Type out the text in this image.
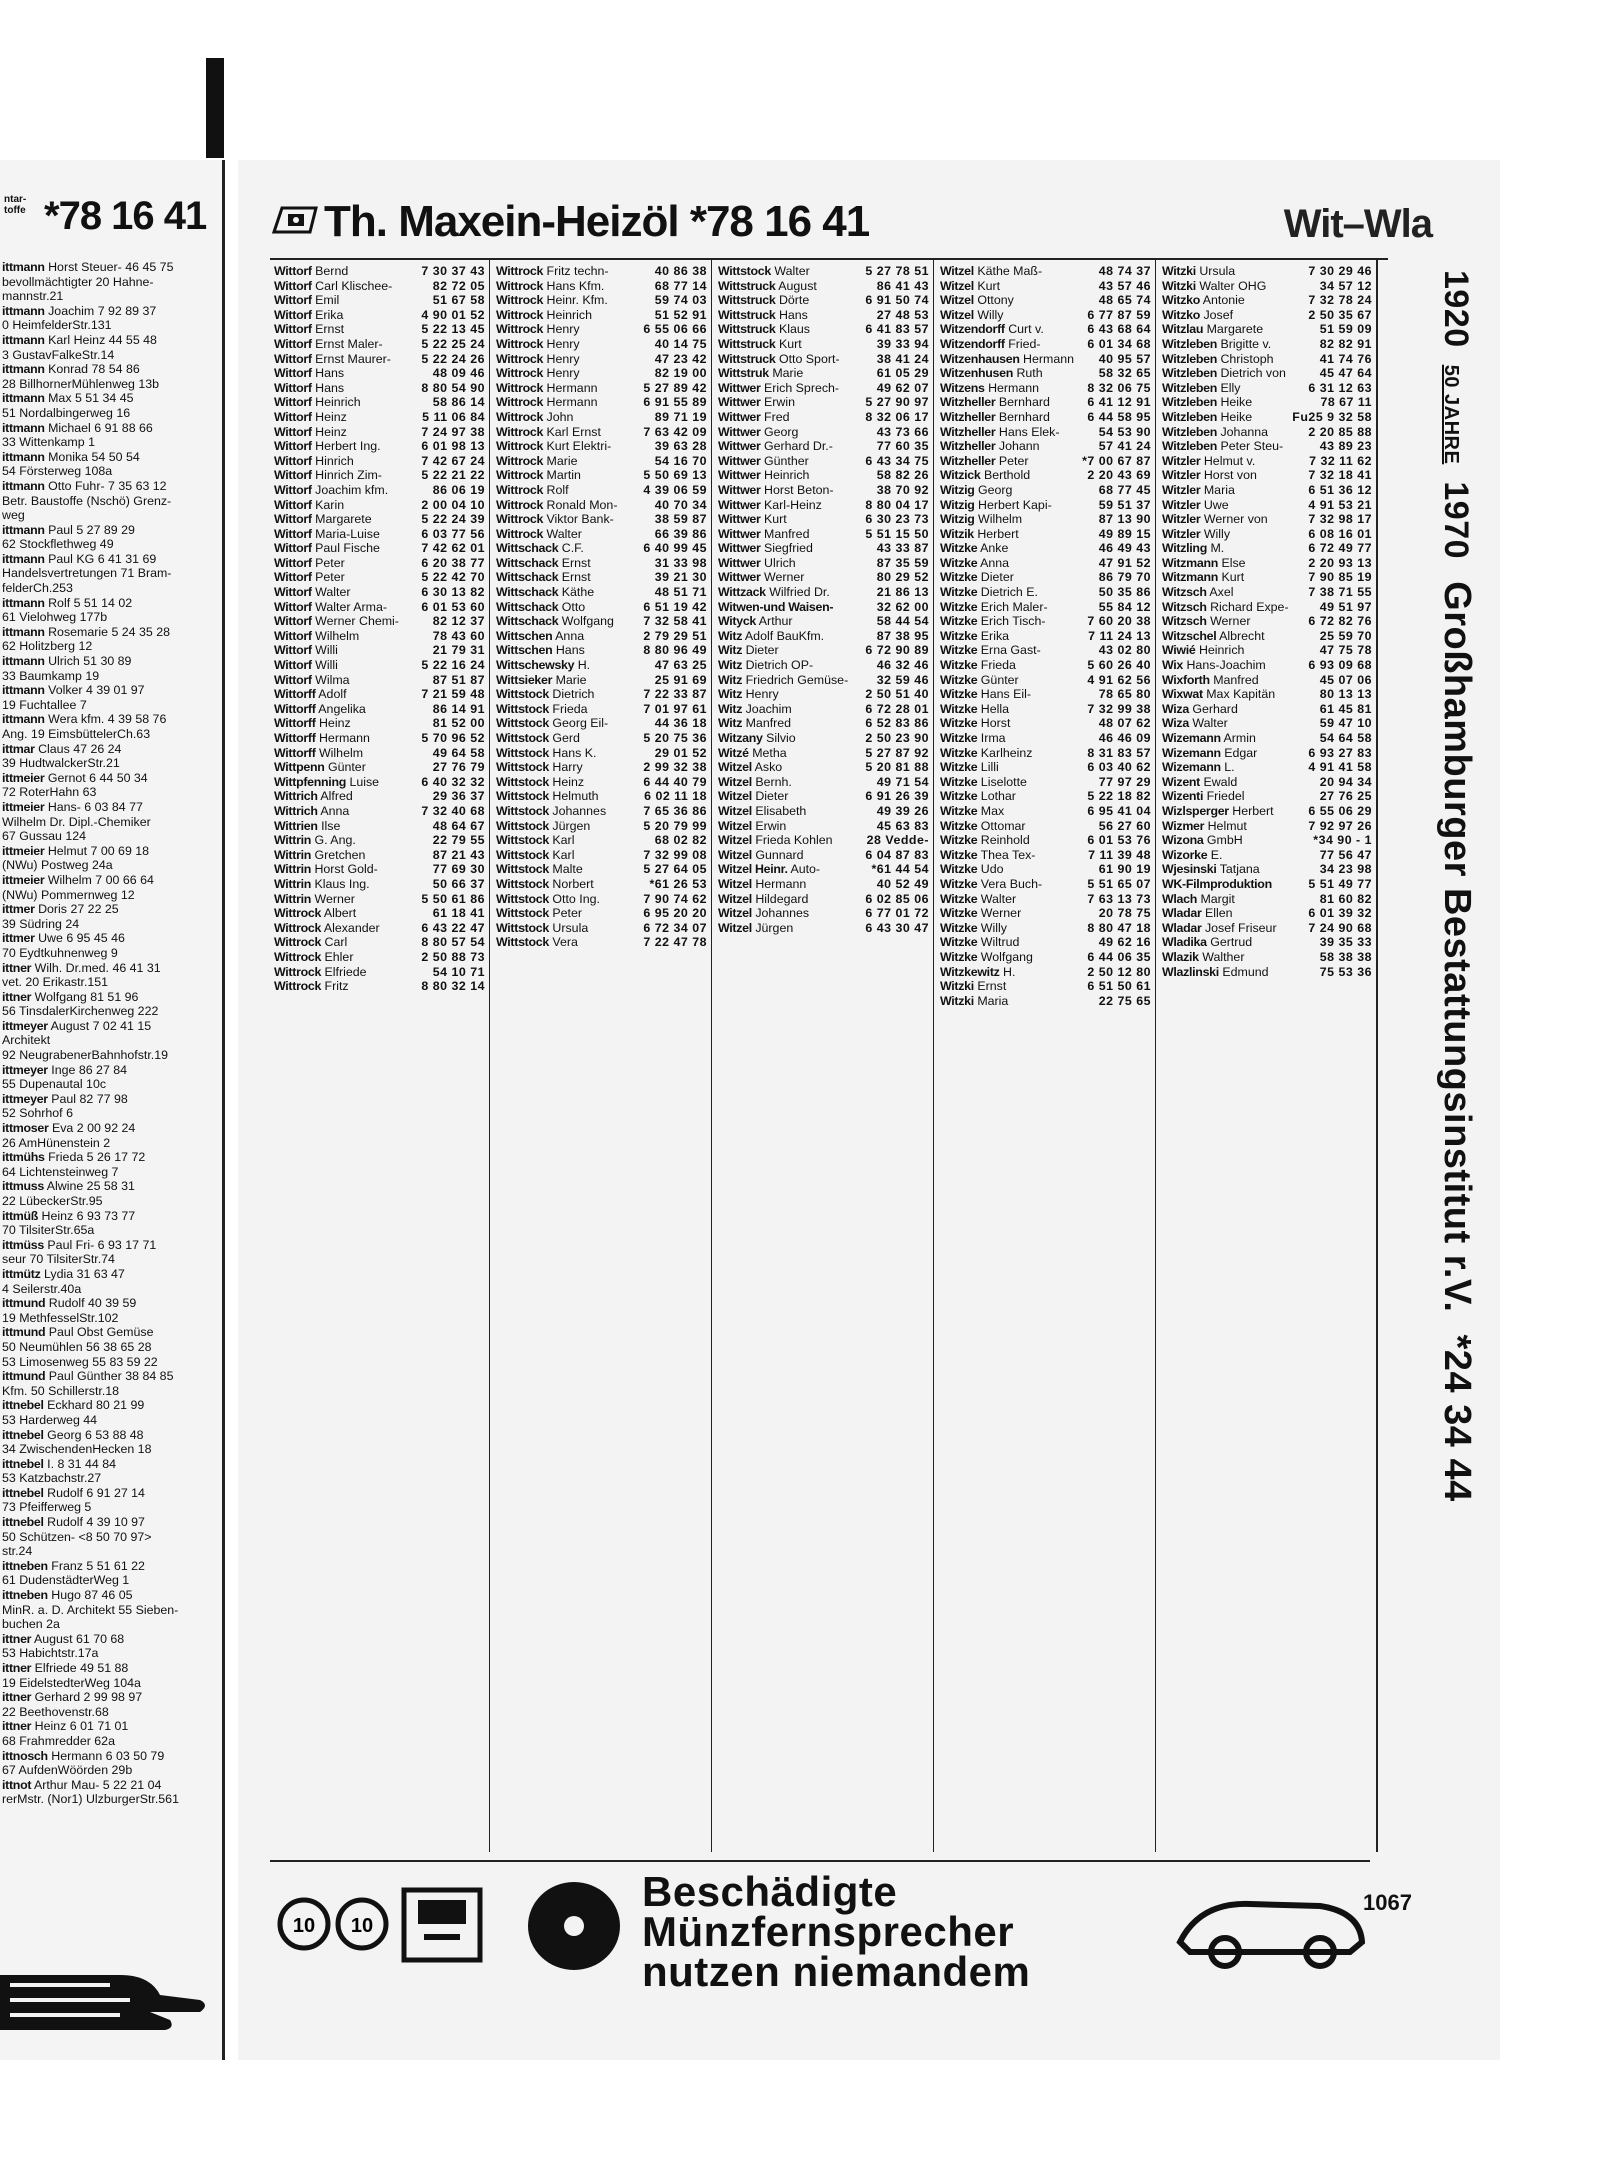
ntar-
toffe *78 16 41
ittmann Horst Steuer- 46 45 75
bevollmächtigter 20 Hahne-
mannstr.21
ittmann Joachim 7 92 89 37
0 HeimfelderStr.131
ittmann Karl Heinz 44 55 48
3 GustavFalkeStr.14
ittmann Konrad 78 54 86
28 BillhornerMühlenweg 13b
ittmann Max 5 51 34 45
51 Nordalbingerweg 16
ittmann Michael 6 91 88 66
33 Wittenkamp 1
ittmann Monika 54 50 54
54 Försterweg 108a
ittmann Otto Fuhr- 7 35 63 12
Betr. Baustoffe (Nschö) Grenz-
weg
ittmann Paul 5 27 89 29
62 Stockflethweg 49
ittmann Paul KG 6 41 31 69
Handelsvertretungen 71 Bram-
felderCh.253
ittmann Rolf 5 51 14 02
61 Vielohweg 177b
ittmann Rosemarie 5 24 35 28
62 Holitzberg 12
ittmann Ulrich 51 30 89
33 Baumkamp 19
ittmann Volker 4 39 01 97
19 Fuchtallee 7
ittmann Wera kfm. 4 39 58 76
Ang. 19 EimsbüttelerCh.63
ittmar Claus 47 26 24
39 HudtwalckerStr.21
ittmeier Gernot 6 44 50 34
72 RoterHahn 63
ittmeier Hans- 6 03 84 77
Wilhelm Dr. Dipl.-Chemiker
67 Gussau 124
ittmeier Helmut 7 00 69 18
(NWu) Postweg 24a
ittmeier Wilhelm 7 00 66 64
(NWu) Pommernweg 12
ittmer Doris 27 22 25
39 Südring 24
ittmer Uwe 6 95 45 46
70 Eydtkuhnenweg 9
ittner Wilh. Dr.med. 46 41 31
vet. 20 Erikastr.151
ittner Wolfgang 81 51 96
56 TinsdalerKirchenweg 222
ittmeyer August 7 02 41 15
Architekt
92 NeugrabenerBahnhofstr.19
ittmeyer Inge 86 27 84
55 Dupenautal 10c
ittmeyer Paul 82 77 98
52 Sohrhof 6
ittmoser Eva 2 00 92 24
26 AmHünenstein 2
ittmühs Frieda 5 26 17 72
64 Lichtensteinweg 7
ittmuss Alwine 25 58 31
22 LübeckerStr.95
ittmüß Heinz 6 93 73 77
70 TilsiterStr.65a
ittmüss Paul Fri- 6 93 17 71
seur 70 TilsiterStr.74
ittmütz Lydia 31 63 47
4 Seilerstr.40a
ittmund Rudolf 40 39 59
19 MethfesselStr.102
ittmund Paul Obst Gemüse
50 Neumühlen 56 38 65 28
53 Limosenweg 55 83 59 22
ittmund Paul Günther 38 84 85
Kfm. 50 Schillerstr.18
ittnebel Eckhard 80 21 99
53 Harderweg 44
ittnebel Georg 6 53 88 48
34 ZwischendenHecken 18
ittnebel I. 8 31 44 84
53 Katzbachstr.27
ittnebel Rudolf 6 91 27 14
73 Pfeifferweg 5
ittnebel Rudolf 4 39 10 97
50 Schützen- <8 50 70 97>
str.24
ittneben Franz 5 51 61 22
61 DudenstädterWeg 1
ittneben Hugo 87 46 05
MinR. a. D. Architekt 55 Sieben-
buchen 2a
ittner August 61 70 68
53 Habichtstr.17a
ittner Elfriede 49 51 88
19 EidelstedterWeg 104a
ittner Gerhard 2 99 98 97
22 Beethovenstr.68
ittner Heinz 6 01 71 01
68 Frahmredder 62a
ittnosch Hermann 6 03 50 79
67 AufdenWöörden 29b
ittnot Arthur Mau- 5 22 21 04
rerMstr. (Nor1) UlzburgerStr.561
Th. Maxein-Heizöl *78 16 41	Wit–Wla
7 30 37 43
Wittorf Bernd
82 72 05
Wittorf Carl Klischee-
51 67 58
Wittorf Emil
4 90 01 52
Wittorf Erika
5 22 13 45
Wittorf Ernst
5 22 25 24
Wittorf Ernst Maler-
5 22 24 26
Wittorf Ernst Maurer-
48 09 46
Wittorf Hans
8 80 54 90
Wittorf Hans
58 86 14
Wittorf Heinrich
5 11 06 84
Wittorf Heinz
7 24 97 38
Wittorf Heinz
6 01 98 13
Wittorf Herbert Ing.
7 42 67 24
Wittorf Hinrich
5 22 21 22
Wittorf Hinrich Zim-
86 06 19
Wittorf Joachim kfm.
2 00 04 10
Wittorf Karin
5 22 24 39
Wittorf Margarete
6 03 77 56
Wittorf Maria-Luise
7 42 62 01
Wittorf Paul Fische
6 20 38 77
Wittorf Peter
5 22 42 70
Wittorf Peter
6 30 13 82
Wittorf Walter
6 01 53 60
Wittorf Walter Arma-
82 12 37
Wittorf Werner Chemi-
78 43 60
Wittorf Wilhelm
21 79 31
Wittorf Willi
5 22 16 24
Wittorf Willi
87 51 87
Wittorf Wilma
7 21 59 48
Wittorff Adolf
86 14 91
Wittorff Angelika
81 52 00
Wittorff Heinz
5 70 96 52
Wittorff Hermann
49 64 58
Wittorff Wilhelm
27 76 79
Wittpenn Günter
6 40 32 32
Wittpfenning Luise
29 36 37
Wittrich Alfred
7 32 40 68
Wittrich Anna
48 64 67
Wittrien Ilse
22 79 55
Wittrin G. Ang.
87 21 43
Wittrin Gretchen
77 69 30
Wittrin Horst Gold-
50 66 37
Wittrin Klaus Ing.
5 50 61 86
Wittrin Werner
61 18 41
Wittrock Albert
6 43 22 47
Wittrock Alexander
8 80 57 54
Wittrock Carl
2 50 88 73
Wittrock Ehler
54 10 71
Wittrock Elfriede
8 80 32 14
Wittrock Fritz
40 86 38
Wittrock Fritz techn-
68 77 14
Wittrock Hans Kfm.
59 74 03
Wittrock Heinr. Kfm.
51 52 91
Wittrock Heinrich
6 55 06 66
Wittrock Henry
40 14 75
Wittrock Henry
47 23 42
Wittrock Henry
82 19 00
Wittrock Henry
5 27 89 42
Wittrock Hermann
6 91 55 89
Wittrock Hermann
89 71 19
Wittrock John
7 63 42 09
Wittrock Karl Ernst
39 63 28
Wittrock Kurt Elektri-
54 16 70
Wittrock Marie
5 50 69 13
Wittrock Martin
4 39 06 59
Wittrock Rolf
40 70 34
Wittrock Ronald Mon-
38 59 87
Wittrock Viktor Bank-
66 39 86
Wittrock Walter
6 40 99 45
Wittschack C.F.
31 33 98
Wittschack Ernst
39 21 30
Wittschack Ernst
48 51 71
Wittschack Käthe
6 51 19 42
Wittschack Otto
7 32 58 41
Wittschack Wolfgang
2 79 29 51
Wittschen Anna
8 80 96 49
Wittschen Hans
47 63 25
Wittschewsky H.
25 91 69
Wittsieker Marie
7 22 33 87
Wittstock Dietrich
7 01 97 61
Wittstock Frieda
44 36 18
Wittstock Georg Eil-
5 20 75 36
Wittstock Gerd
29 01 52
Wittstock Hans K.
2 99 32 38
Wittstock Harry
6 44 40 79
Wittstock Heinz
6 02 11 18
Wittstock Helmuth
7 65 36 86
Wittstock Johannes
5 20 79 99
Wittstock Jürgen
68 02 82
Wittstock Karl
7 32 99 08
Wittstock Karl
5 27 64 05
Wittstock Malte
*61 26 53
Wittstock Norbert
7 90 74 62
Wittstock Otto Ing.
6 95 20 20
Wittstock Peter
6 72 34 07
Wittstock Ursula
7 22 47 78
Wittstock Vera
5 27 78 51
Wittstock Walter
86 41 43
Wittstruck August
6 91 50 74
Wittstruck Dörte
27 48 53
Wittstruck Hans
6 41 83 57
Wittstruck Klaus
39 33 94
Wittstruck Kurt
38 41 24
Wittstruck Otto Sport-
61 05 29
Wittstruk Marie
49 62 07
Wittwer Erich Sprech-
5 27 90 97
Wittwer Erwin
8 32 06 17
Wittwer Fred
43 73 66
Wittwer Georg
77 60 35
Wittwer Gerhard Dr.-
6 43 34 75
Wittwer Günther
58 82 26
Wittwer Heinrich
38 70 92
Wittwer Horst Beton-
8 80 04 17
Wittwer Karl-Heinz
6 30 23 73
Wittwer Kurt
5 51 15 50
Wittwer Manfred
43 33 87
Wittwer Siegfried
87 35 59
Wittwer Ulrich
80 29 52
Wittwer Werner
21 86 13
Wittzack Wilfried Dr.
32 62 00
Witwen-und Waisen-
58 44 54
Wityck Arthur
87 38 95
Witz Adolf BauKfm.
6 72 90 89
Witz Dieter
46 32 46
Witz Dietrich OP-
32 59 46
Witz Friedrich Gemüse-
2 50 51 40
Witz Henry
6 72 28 01
Witz Joachim
6 52 83 86
Witz Manfred
2 50 23 90
Witzany Silvio
5 27 87 92
Witzé Metha
5 20 81 88
Witzel Asko
49 71 54
Witzel Bernh.
6 91 26 39
Witzel Dieter
49 39 26
Witzel Elisabeth
45 63 83
Witzel Erwin
28 Vedde-
Witzel Frieda Kohlen
6 04 87 83
Witzel Gunnard
*61 44 54
Witzel Heinr. Auto-
40 52 49
Witzel Hermann
6 02 85 06
Witzel Hildegard
6 77 01 72
Witzel Johannes
6 43 30 47
Witzel Jürgen
48 74 37
Witzel Käthe Maß-
43 57 46
Witzel Kurt
48 65 74
Witzel Ottony
6 77 87 59
Witzel Willy
6 43 68 64
Witzendorff Curt v.
6 01 34 68
Witzendorff Fried-
40 95 57
Witzenhausen Hermann
58 32 65
Witzenhusen Ruth
8 32 06 75
Witzens Hermann
6 41 12 91
Witzheller Bernhard
6 44 58 95
Witzheller Bernhard
54 53 90
Witzheller Hans Elek-
57 41 24
Witzheller Johann
*7 00 67 87
Witzheller Peter
2 20 43 69
Witzick Berthold
68 77 45
Witzig Georg
59 51 37
Witzig Herbert Kapi-
87 13 90
Witzig Wilhelm
49 89 15
Witzik Herbert
46 49 43
Witzke Anke
47 91 52
Witzke Anna
86 79 70
Witzke Dieter
50 35 86
Witzke Dietrich E.
55 84 12
Witzke Erich Maler-
7 60 20 38
Witzke Erich Tisch-
7 11 24 13
Witzke Erika
43 02 80
Witzke Erna Gast-
5 60 26 40
Witzke Frieda
4 91 62 56
Witzke Günter
78 65 80
Witzke Hans Eil-
7 32 99 38
Witzke Hella
48 07 62
Witzke Horst
46 46 09
Witzke Irma
8 31 83 57
Witzke Karlheinz
6 03 40 62
Witzke Lilli
77 97 29
Witzke Liselotte
5 22 18 82
Witzke Lothar
6 95 41 04
Witzke Max
56 27 60
Witzke Ottomar
6 01 53 76
Witzke Reinhold
7 11 39 48
Witzke Thea Tex-
61 90 19
Witzke Udo
5 51 65 07
Witzke Vera Buch-
7 63 13 73
Witzke Walter
20 78 75
Witzke Werner
8 80 47 18
Witzke Willy
49 62 16
Witzke Wiltrud
6 44 06 35
Witzke Wolfgang
2 50 12 80
Witzkewitz H.
6 51 50 61
Witzki Ernst
22 75 65
Witzki Maria
7 30 29 46
Witzki Ursula
34 57 12
Witzki Walter OHG
7 32 78 24
Witzko Antonie
2 50 35 67
Witzko Josef
51 59 09
Witzlau Margarete
82 82 91
Witzleben Brigitte v.
41 74 76
Witzleben Christoph
45 47 64
Witzleben Dietrich von
6 31 12 63
Witzleben Elly
78 67 11
Witzleben Heike
Fu25 9 32 58
Witzleben Heike
2 20 85 88
Witzleben Johanna
43 89 23
Witzleben Peter Steu-
7 32 11 62
Witzler Helmut v.
7 32 18 41
Witzler Horst von
6 51 36 12
Witzler Maria
4 91 53 21
Witzler Uwe
7 32 98 17
Witzler Werner von
6 08 16 01
Witzler Willy
6 72 49 77
Witzling M.
2 20 93 13
Witzmann Else
7 90 85 19
Witzmann Kurt
7 38 71 55
Witzsch Axel
49 51 97
Witzsch Richard Expe-
6 72 82 76
Witzsch Werner
25 59 70
Witzschel Albrecht
47 75 78
Wiwié Heinrich
6 93 09 68
Wix Hans-Joachim
45 07 06
Wixforth Manfred
80 13 13
Wixwat Max Kapitän
61 45 81
Wiza Gerhard
59 47 10
Wiza Walter
54 64 58
Wizemann Armin
6 93 27 83
Wizemann Edgar
4 91 41 58
Wizemann L.
20 94 34
Wizent Ewald
27 76 25
Wizenti Friedel
6 55 06 29
Wizlsperger Herbert
7 92 97 26
Wizmer Helmut
*34 90 - 1
Wizona GmbH
77 56 47
Wizorke E.
34 23 98
Wjesinski Tatjana
5 51 49 77
WK-Filmproduktion
81 60 82
Wlach Margit
6 01 39 32
Wladar Ellen
7 24 90 68
Wladar Josef Friseur
39 35 33
Wladika Gertrud
58 38 38
Wlazik Walther
75 53 36
Wlazlinski Edmund
1920 50 JAHRE 1970  Großhamburger Bestattungsinstitut r.V.  *24 34 44
10 10
Beschädigte
Münzfernsprecher
nutzen niemandem
1067
